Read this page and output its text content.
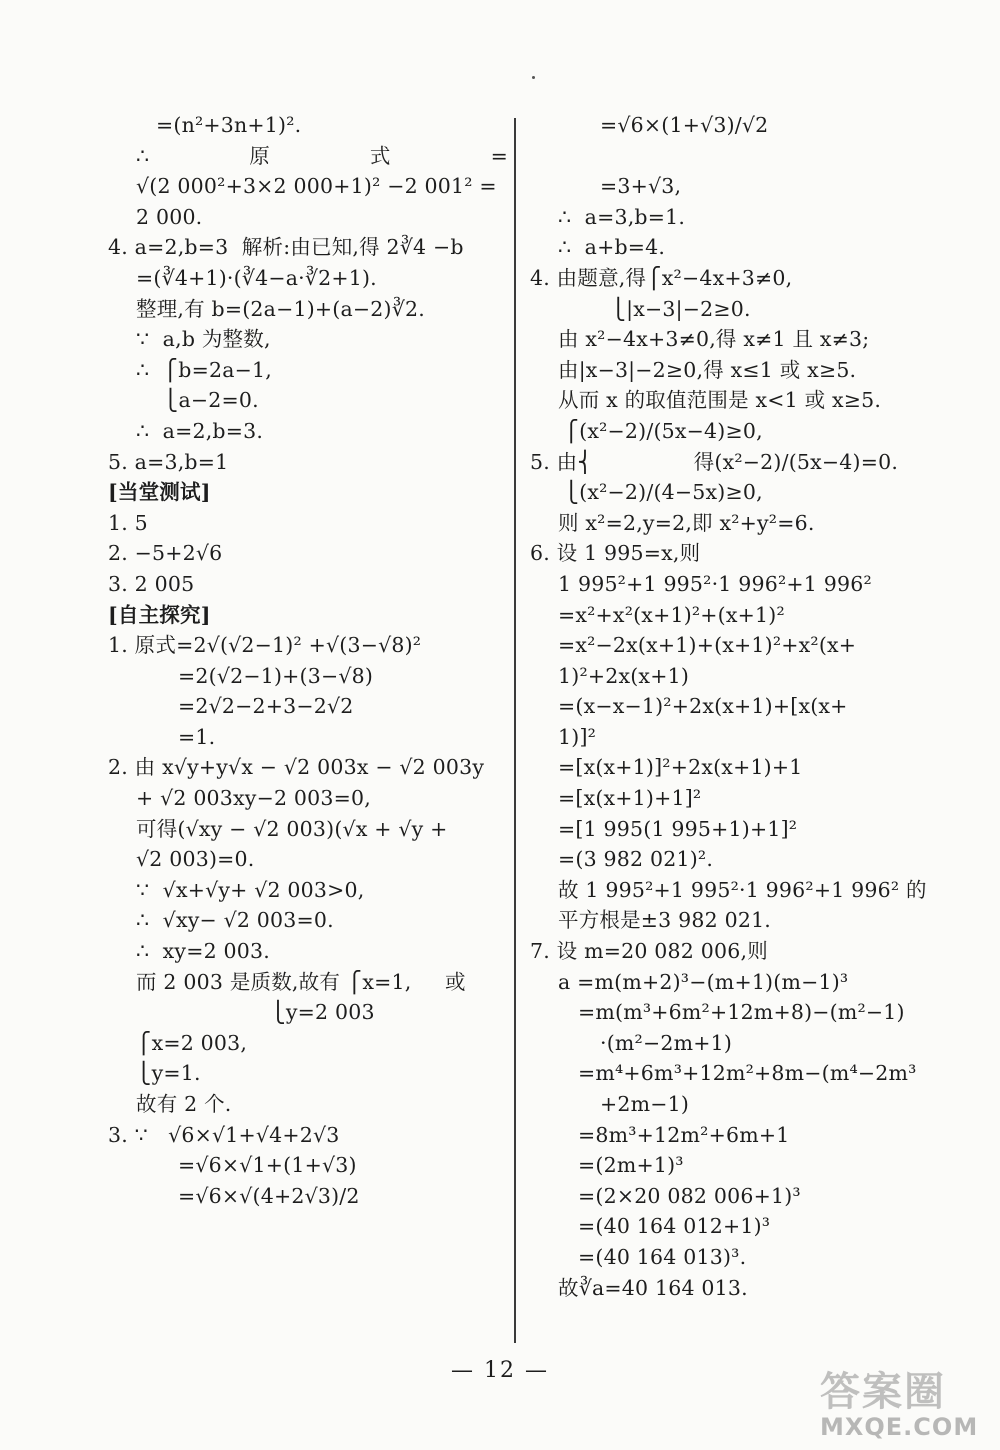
=(n²+3n+1)².
∴	原	式	=
√(2 000²+3×2 000+1)² −2 001² =
2 000.
4. a=2,b=3  解析:由已知,得 2∛4 −b
=(∛4+1)·(∛4−a·∛2+1).
整理,有 b=(2a−1)+(a−2)∛2.
∵  a,b 为整数,
∴  ⎧b=2a−1,
⎩a−2=0.
∴  a=2,b=3.
5. a=3,b=1
[当堂测试]
1. 5
2. −5+2√6
3. 2 005
[自主探究]
1. 原式=2√(√2−1)² +√(3−√8)²
=2(√2−1)+(3−√8)
=2√2−2+3−2√2
=1.
2. 由 x√y+y√x − √2 003x − √2 003y
+ √2 003xy−2 003=0,
可得(√xy − √2 003)(√x + √y +
√2 003)=0.
∵  √x+√y+ √2 003>0,
∴  √xy− √2 003=0.
∴  xy=2 003.
而 2 003 是质数,故有 ⎧x=1,     或
⎩y=2 003
⎧x=2 003,
⎩y=1.
故有 2 个.
3. ∵   √6×√1+√4+2√3
=√6×√1+(1+√3)
=√6×√(4+2√3)/2
=√6×(1+√3)/√2
=3+√3,
∴  a=3,b=1.
∴  a+b=4.
4. 由题意,得⎧x²−4x+3≠0,
⎩|x−3|−2≥0.
由 x²−4x+3≠0,得 x≠1 且 x≠3;
由|x−3|−2≥0,得 x≤1 或 x≥5.
从而 x 的取值范围是 x<1 或 x≥5.
⎧(x²−2)/(5x−4)≥0,
5. 由⎨               得(x²−2)/(5x−4)=0.
⎩(x²−2)/(4−5x)≥0,
则 x²=2,y=2,即 x²+y²=6.
6. 设 1 995=x,则
1 995²+1 995²·1 996²+1 996²
=x²+x²(x+1)²+(x+1)²
=x²−2x(x+1)+(x+1)²+x²(x+
1)²+2x(x+1)
=(x−x−1)²+2x(x+1)+[x(x+
1)]²
=[x(x+1)]²+2x(x+1)+1
=[x(x+1)+1]²
=[1 995(1 995+1)+1]²
=(3 982 021)².
故 1 995²+1 995²·1 996²+1 996² 的
平方根是±3 982 021.
7. 设 m=20 082 006,则
a =m(m+2)³−(m+1)(m−1)³
=m(m³+6m²+12m+8)−(m²−1)
·(m²−2m+1)
=m⁴+6m³+12m²+8m−(m⁴−2m³
+2m−1)
=8m³+12m²+6m+1
=(2m+1)³
=(2×20 082 006+1)³
=(40 164 012+1)³
=(40 164 013)³.
故∛a=40 164 013.
— 12 —	答案圈
MXQE.COM
